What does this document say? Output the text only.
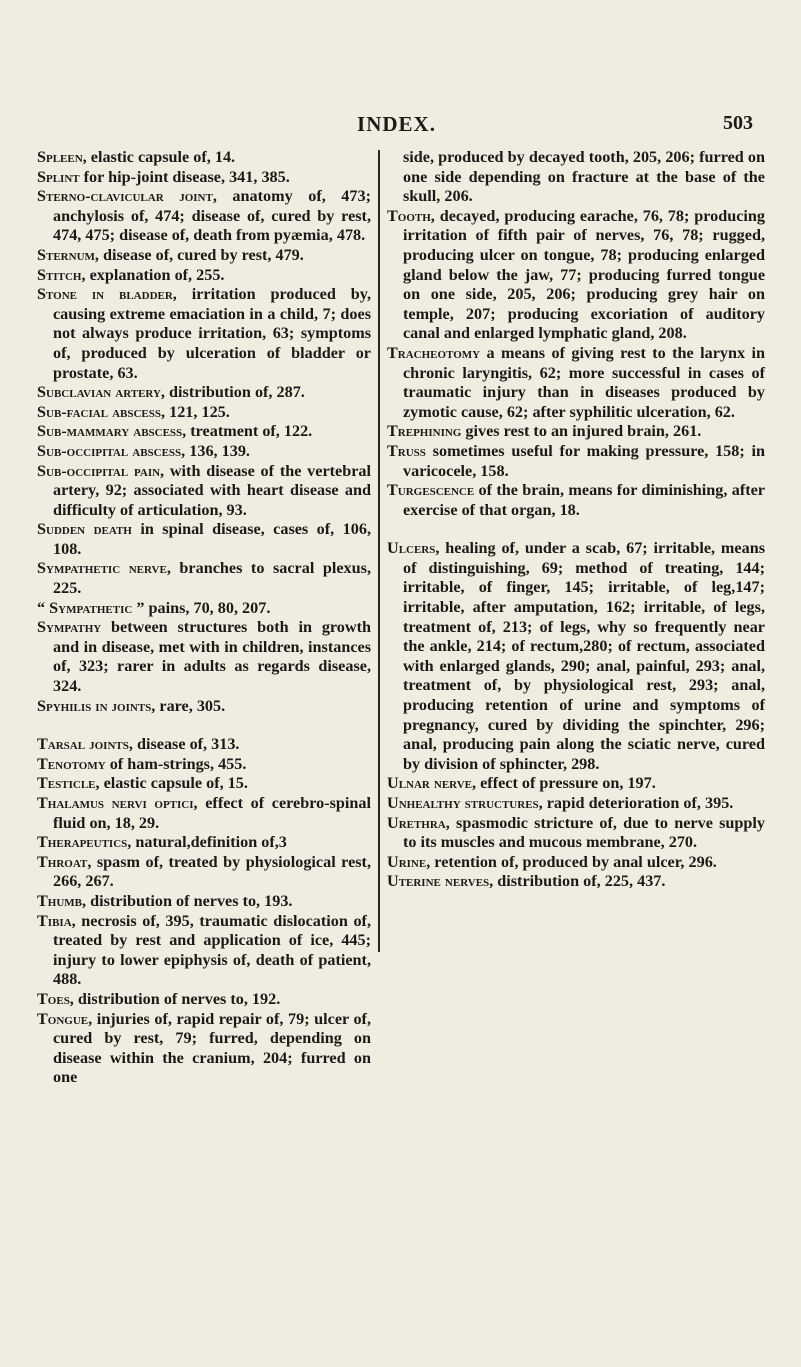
INDEX.	503

Spleen, elastic capsule of, 14.

Splint for hip-joint disease, 341, 385.

Sterno-clavicular joint, anatomy of, 473; anchylosis of, 474; disease of, cured by rest, 474, 475; disease of, death from pyæmia, 478.

Sternum, disease of, cured by rest, 479.

Stitch, explanation of, 255.

Stone in bladder, irritation produced by, causing extreme emaciation in a child, 7; does not always produce irritation, 63; symptoms of, produced by ulceration of bladder or prostate, 63.

Subclavian artery, distribution of, 287.

Sub-facial abscess, 121, 125.

Sub-mammary abscess, treatment of, 122.

Sub-occipital abscess, 136, 139.

Sub-occipital pain, with disease of the vertebral artery, 92; associated with heart disease and difficulty of articulation, 93.

Sudden death in spinal disease, cases of, 106, 108.

Sympathetic nerve, branches to sacral plexus, 225.

“ Sympathetic ” pains, 70, 80, 207.

Sympathy between structures both in growth and in disease, met with in children, instances of, 323; rarer in adults as regards disease, 324.

Spyhilis in joints, rare, 305.

Tarsal joints, disease of, 313.

Tenotomy of ham-strings, 455.

Testicle, elastic capsule of, 15.

Thalamus nervi optici, effect of cerebro-spinal fluid on, 18, 29.

Therapeutics, natural,definition of,3

Throat, spasm of, treated by physiological rest, 266, 267.

Thumb, distribution of nerves to, 193.

Tibia, necrosis of, 395, traumatic dislocation of, treated by rest and application of ice, 445; injury to lower epiphysis of, death of patient, 488.

Toes, distribution of nerves to, 192.

Tongue, injuries of, rapid repair of, 79; ulcer of, cured by rest, 79; furred, depending on disease within the cranium, 204; furred on one

side, produced by decayed tooth, 205, 206; furred on one side depending on fracture at the base of the skull, 206.

Tooth, decayed, producing earache, 76, 78; producing irritation of fifth pair of nerves, 76, 78; rugged, producing ulcer on tongue, 78; producing enlarged gland below the jaw, 77; producing furred tongue on one side, 205, 206; producing grey hair on temple, 207; producing excoriation of auditory canal and enlarged lymphatic gland, 208.

Tracheotomy a means of giving rest to the larynx in chronic laryngitis, 62; more successful in cases of traumatic injury than in diseases produced by zymotic cause, 62; after syphilitic ulceration, 62.

Trephining gives rest to an injured brain, 261.

Truss sometimes useful for making pressure, 158; in varicocele, 158.

Turgescence of the brain, means for diminishing, after exercise of that organ, 18.

Ulcers, healing of, under a scab, 67; irritable, means of distinguishing, 69; method of treating, 144; irritable, of finger, 145; irritable, of leg,147; irritable, after amputation, 162; irritable, of legs, treatment of, 213; of legs, why so frequently near the ankle, 214; of rectum,280; of rectum, associated with enlarged glands, 290; anal, painful, 293; anal, treatment of, by physiological rest, 293; anal, producing retention of urine and symptoms of pregnancy, cured by dividing the spinchter, 296; anal, producing pain along the sciatic nerve, cured by division of sphincter, 298.

Ulnar nerve, effect of pressure on, 197.

Unhealthy structures, rapid deterioration of, 395.

Urethra, spasmodic stricture of, due to nerve supply to its muscles and mucous membrane, 270.

Urine, retention of, produced by anal ulcer, 296.

Uterine nerves, distribution of, 225, 437.
